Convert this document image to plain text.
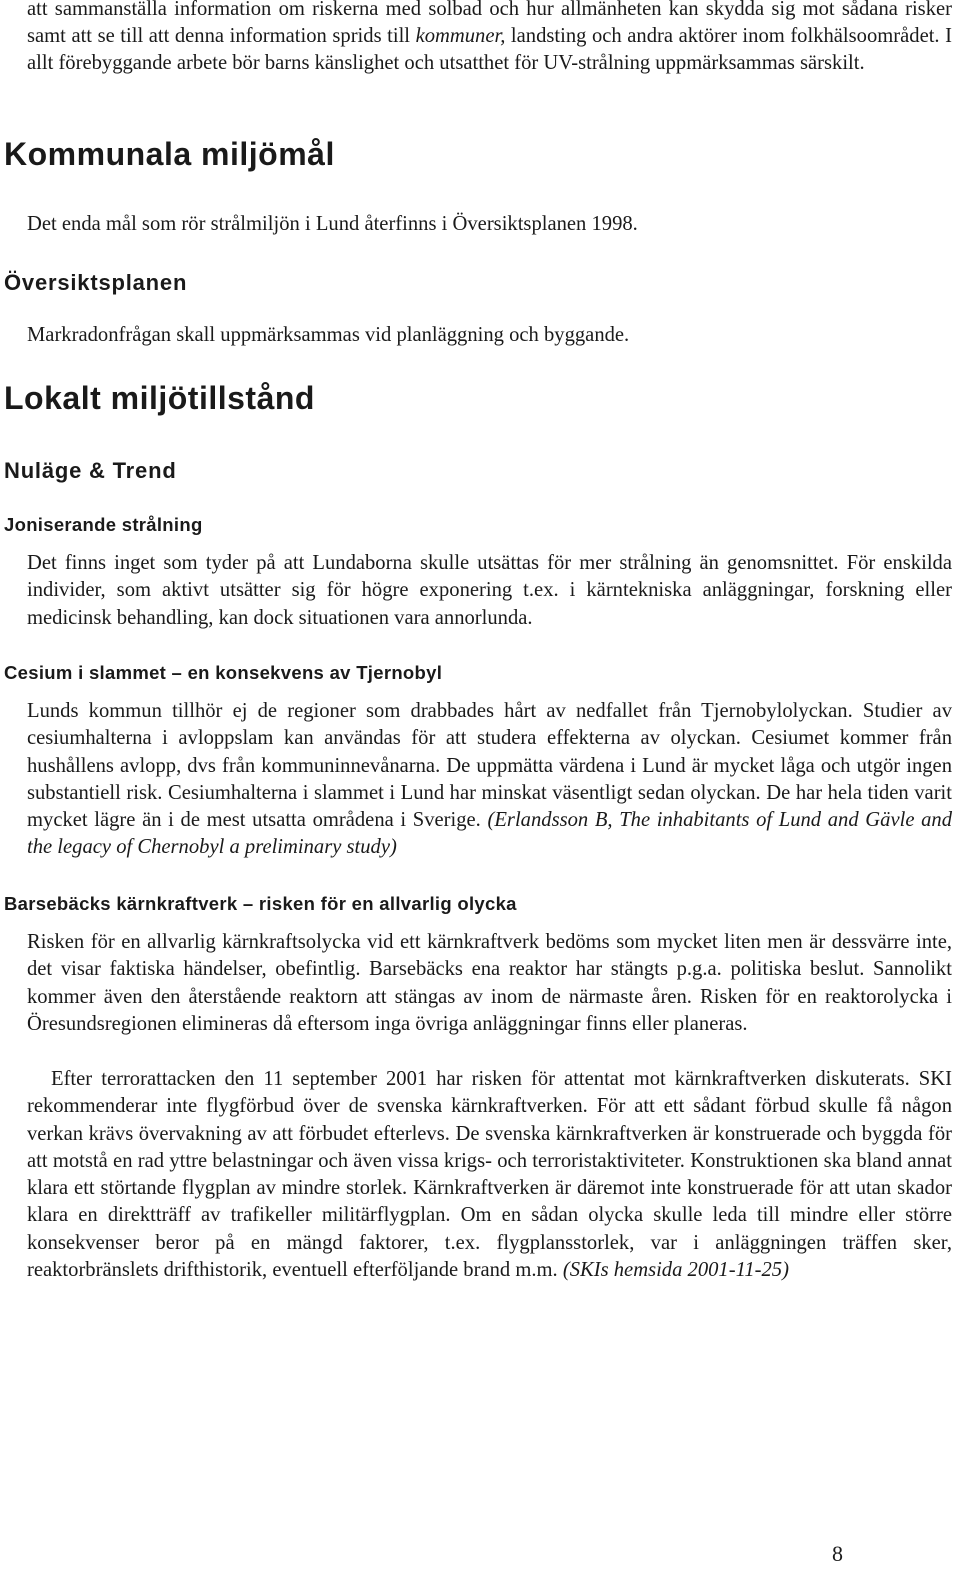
att sammanställa information om riskerna med solbad och hur allmänheten kan skydda sig mot sådana risker samt att se till att denna information sprids till kommuner, landsting och andra aktörer inom folkhälsoområdet. I allt förebyggande arbete bör barns känslighet och utsatthet för UV-strålning uppmärksammas särskilt.

Kommunala miljömål

Det enda mål som rör strålmiljön i Lund återfinns i Översiktsplanen 1998.

Översiktsplanen

Markradonfrågan skall uppmärksammas vid planläggning och byggande.

Lokalt miljötillstånd
Nuläge & Trend
Joniserande strålning

Det finns inget som tyder på att Lundaborna skulle utsättas för mer strålning än genomsnittet. För enskilda individer, som aktivt utsätter sig för högre exponering t.ex. i kärntekniska anläggningar, forskning eller medicinsk behandling, kan dock situationen vara annorlunda.

Cesium i slammet – en konsekvens av Tjernobyl

Lunds kommun tillhör ej de regioner som drabbades hårt av nedfallet från Tjernobylolyckan. Studier av cesiumhalterna i avloppslam kan användas för att studera effekterna av olyckan. Cesiumet kommer från hushållens avlopp, dvs från kommuninnevånarna. De uppmätta värdena i Lund är mycket låga och utgör ingen substantiell risk. Cesiumhalterna i slammet i Lund har minskat väsentligt sedan olyckan. De har hela tiden varit mycket lägre än i de mest utsatta områdena i Sverige. (Erlandsson B, The inhabitants of Lund and Gävle and the legacy of Chernobyl a preliminary study)

Barsebäcks kärnkraftverk – risken för en allvarlig olycka

Risken för en allvarlig kärnkraftsolycka vid ett kärnkraftverk bedöms som mycket liten men är dessvärre inte, det visar faktiska händelser, obefintlig. Barsebäcks ena reaktor har stängts p.g.a. politiska beslut. Sannolikt kommer även den återstående reaktorn att stängas av inom de närmaste åren. Risken för en reaktorolycka i Öresundsregionen elimineras då eftersom inga övriga anläggningar finns eller planeras.

Efter terrorattacken den 11 september 2001 har risken för attentat mot kärnkraftverken diskuterats. SKI rekommenderar inte flygförbud över de svenska kärnkraftverken. För att ett sådant förbud skulle få någon verkan krävs övervakning av att förbudet efterlevs. De svenska kärnkraftverken är konstruerade och byggda för att motstå en rad yttre belastningar och även vissa krigs- och terroristaktiviteter. Konstruktionen ska bland annat klara ett störtande flygplan av mindre storlek. Kärnkraftverken är däremot inte konstruerade för att utan skador klara en direktträff av trafikeller militärflygplan. Om en sådan olycka skulle leda till mindre eller större konsekvenser beror på en mängd faktorer, t.ex. flygplansstorlek, var i anläggningen träffen sker, reaktorbränslets drifthistorik, eventuell efterföljande brand m.m. (SKIs hemsida 2001-11-25)

8
